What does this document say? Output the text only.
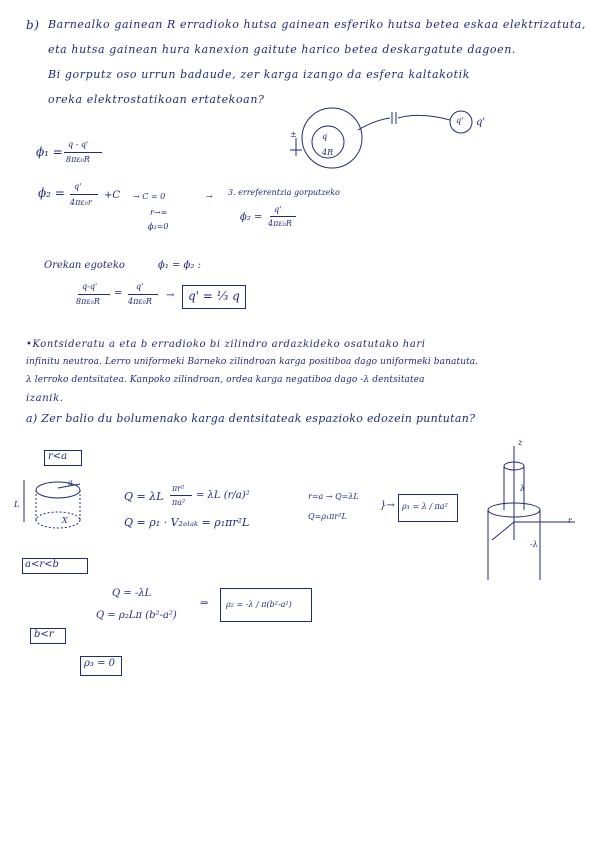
b) Barnealko gainean R erradioko hutsa gainean esferiko hutsa betea eskaa elektrizatuta,
eta hutsa gainean hura kanexion gaitute harico betea deskargatute dagoen.
Bi gorputz oso urrun badaude, zer karga izango da esfera kaltakotik
oreka elektrostatikoan ertatekoan?
±	q
4R
q' q'
ϕ₁ =
q - q'
8πε₀R
ϕ₂ = q'
4πε₀r
+C → C = 0
r→∞
ϕ₂=0
→ 3. erreferentzia gorputzeko
ϕ₂ =
q'
4πε₀R
Orekan egoteko	ϕ₁ = ϕ₂ :
q-q'
8πε₀R
=
q'
4πε₀R
→ q' = ⅓ q
•Kontsideratu a eta b erradioko bi zilindro ardazkideko osatutako hari
infinitu neutroa. Lerro uniformeki Barneko zilindroan karga positiboa dago uniformeki banatuta.
λ lerroko dentsitatea. Kanpoko zilindroan, ordea karga negatiboa dago -λ dentsitatea
izanik.
a) Zer balio du bolumenako karga dentsitateak espazioko edozein puntutan?
r<a
L
a
X
Q = λL
πr²
πa²
= λL (r/a)²
Q = ρ₁ · V₂ₑₗₐₖ = ρ₁πr²L
r=a → Q=λL
Q=ρ₁πr²L
}→ ρ₁ = λ / πa²
z
λ
r
-λ
a<r<b
Q = -λL
Q = ρ₂Lπ (b²-a²)
⇒ ρ₂ = -λ / π(b²-a²)
b<r
ρ₃ = 0
